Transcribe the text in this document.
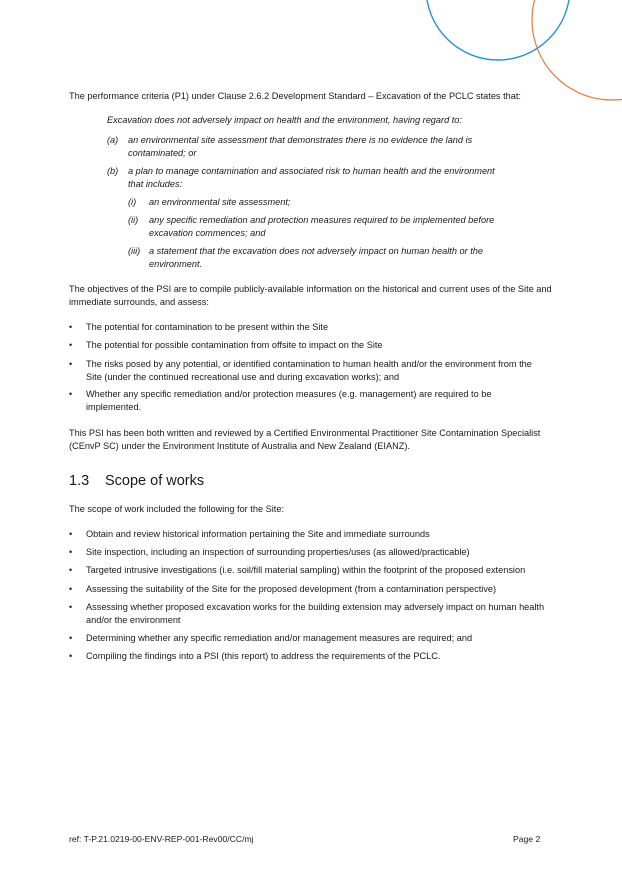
The performance criteria (P1) under Clause 2.6.2 Development Standard – Excavation of the PCLC states that:

Excavation does not adversely impact on health and the environment, having regard to:

(a) an environmental site assessment that demonstrates there is no evidence the land is

contaminated; or

(b) a plan to manage contamination and associated risk to human health and the environment

that includes:

(i) an environmental site assessment;

(ii) any specific remediation and protection measures required to be implemented before

excavation commences; and

(iii) a statement that the excavation does not adversely impact on human health or the

environment.

The objectives of the PSI are to compile publicly-available information on the historical and current uses of the Site and

immediate surrounds, and assess:

• The potential for contamination to be present within the Site

• The potential for possible contamination from offsite to impact on the Site

• The risks posed by any potential, or identified contamination to human health and/or the environment from the

Site (under the continued recreational use and during excavation works); and

• Whether any specific remediation and/or protection measures (e.g. management) are required to be

implemented.

This PSI has been both written and reviewed by a Certified Environmental Practitioner Site Contamination Specialist

(CEnvP SC) under the Environment Institute of Australia and New Zealand (EIANZ).

1.3 Scope of works

The scope of work included the following for the Site:

• Obtain and review historical information pertaining the Site and immediate surrounds

• Site inspection, including an inspection of surrounding properties/uses (as allowed/practicable)

• Targeted intrusive investigations (i.e. soil/fill material sampling) within the footprint of the proposed extension

• Assessing the suitability of the Site for the proposed development (from a contamination perspective)

• Assessing whether proposed excavation works for the building extension may adversely impact on human health

and/or the environment

• Determining whether any specific remediation and/or management measures are required; and

• Compiling the findings into a PSI (this report) to address the requirements of the PCLC.

ref: T-P.21.0219-00-ENV-REP-001-Rev00/CC/mj	Page 2
